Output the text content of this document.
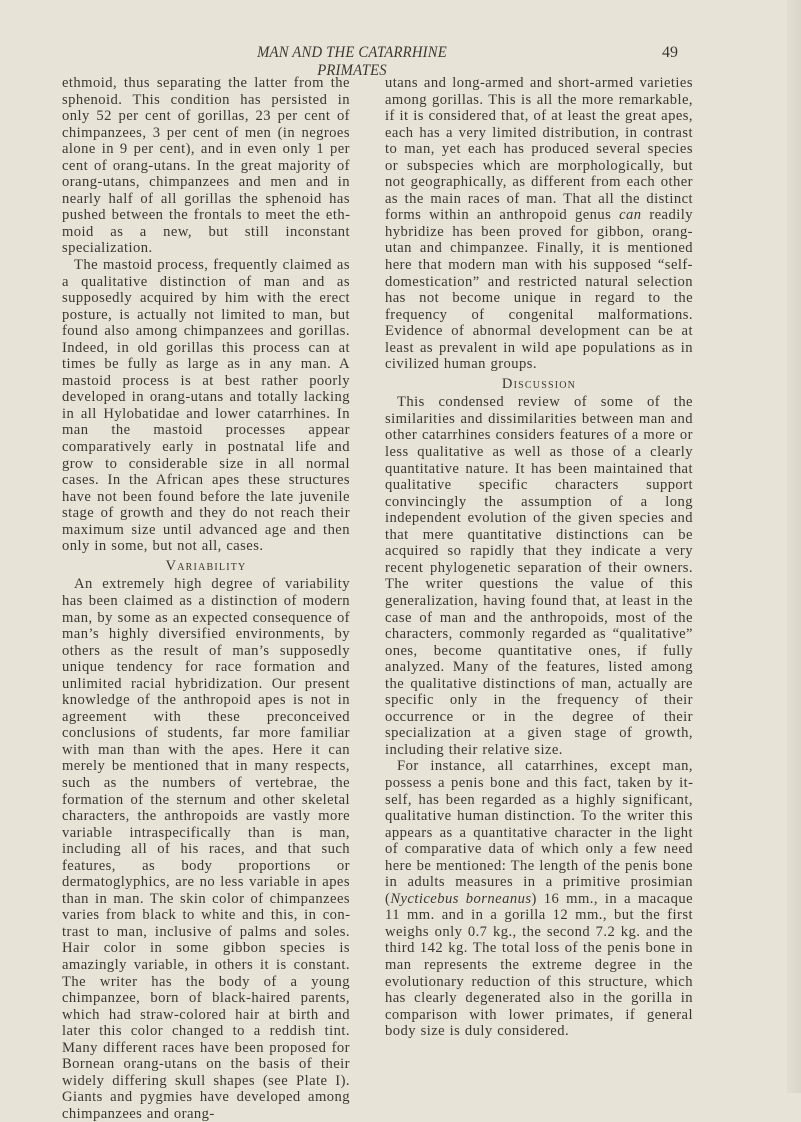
MAN AND THE CATARRHINE PRIMATES
49

ethmoid, thus separating the latter from the sphenoid. This condition has persisted in only 52 per cent of gorillas, 23 per cent of chimpanzees, 3 per cent of men (in negroes alone in 9 per cent), and in even only 1 per cent of orang-utans. In the great majority of orang-utans, chimpanzees and men and in nearly half of all gorillas the sphenoid has pushed between the frontals to meet the ethmoid as a new, but still inconstant specialization.

The mastoid process, frequently claimed as a qualitative distinction of man and as supposedly acquired by him with the erect posture, is actually not limited to man, but found also among chimpanzees and gorillas. Indeed, in old gorillas this process can at times be fully as large as in any man. A mastoid process is at best rather poorly developed in orang-utans and totally lacking in all Hylobatidae and lower catarrhines. In man the mastoid processes appear comparatively early in postnatal life and grow to considerable size in all normal cases. In the African apes these structures have not been found before the late juvenile stage of growth and they do not reach their maximum size until advanced age and then only in some, but not all, cases.

Variability

An extremely high degree of variability has been claimed as a distinction of modern man, by some as an expected consequence of man’s highly diversified environments, by others as the result of man’s supposedly unique tendency for race formation and unlimited racial hybridization. Our present knowledge of the anthropoid apes is not in agreement with these preconceived conclusions of students, far more familiar with man than with the apes. Here it can merely be mentioned that in many respects, such as the numbers of vertebrae, the formation of the sternum and other skeletal characters, the anthropoids are vastly more variable intraspecifically than is man, including all of his races, and that such features, as body proportions or dermatoglyphics, are no less variable in apes than in man. The skin color of chimpanzees varies from black to white and this, in contrast to man, inclusive of palms and soles. Hair color in some gibbon species is amazingly variable, in others it is constant. The writer has the body of a young chimpanzee, born of black-haired parents, which had straw-colored hair at birth and later this color changed to a reddish tint. Many different races have been proposed for Bornean orang-utans on the basis of their widely differing skull shapes (see Plate I). Giants and pygmies have developed among chimpanzees and orang-

utans and long-armed and short-armed varieties among gorillas. This is all the more remarkable, if it is considered that, of at least the great apes, each has a very limited distribution, in contrast to man, yet each has produced several species or subspecies which are morphologically, but not geographically, as different from each other as the main races of man. That all the distinct forms within an anthropoid genus can readily hybridize has been proved for gibbon, orang-utan and chimpanzee. Finally, it is mentioned here that modern man with his supposed “self-domestication” and restricted natural selection has not become unique in regard to the frequency of congenital malformations. Evidence of abnormal development can be at least as prevalent in wild ape populations as in civilized human groups.

Discussion

This condensed review of some of the similarities and dissimilarities between man and other catarrhines considers features of a more or less qualitative as well as those of a clearly quantitative nature. It has been maintained that qualitative specific characters support convincingly the assumption of a long independent evolution of the given species and that mere quantitative distinctions can be acquired so rapidly that they indicate a very recent phylogenetic separation of their owners. The writer questions the value of this generalization, having found that, at least in the case of man and the anthropoids, most of the characters, commonly regarded as “qualitative” ones, become quantitative ones, if fully analyzed. Many of the features, listed among the qualitative distinctions of man, actually are specific only in the frequency of their occurrence or in the degree of their specialization at a given stage of growth, including their relative size.

For instance, all catarrhines, except man, possess a penis bone and this fact, taken by itself, has been regarded as a highly significant, qualitative human distinction. To the writer this appears as a quantitative character in the light of comparative data of which only a few need here be mentioned: The length of the penis bone in adults measures in a primitive prosimian (Nycticebus borneanus) 16 mm., in a macaque 11 mm. and in a gorilla 12 mm., but the first weighs only 0.7 kg., the second 7.2 kg. and the third 142 kg. The total loss of the penis bone in man represents the extreme degree in the evolutionary reduction of this structure, which has clearly degenerated also in the gorilla in comparison with lower primates, if general body size is duly considered.
